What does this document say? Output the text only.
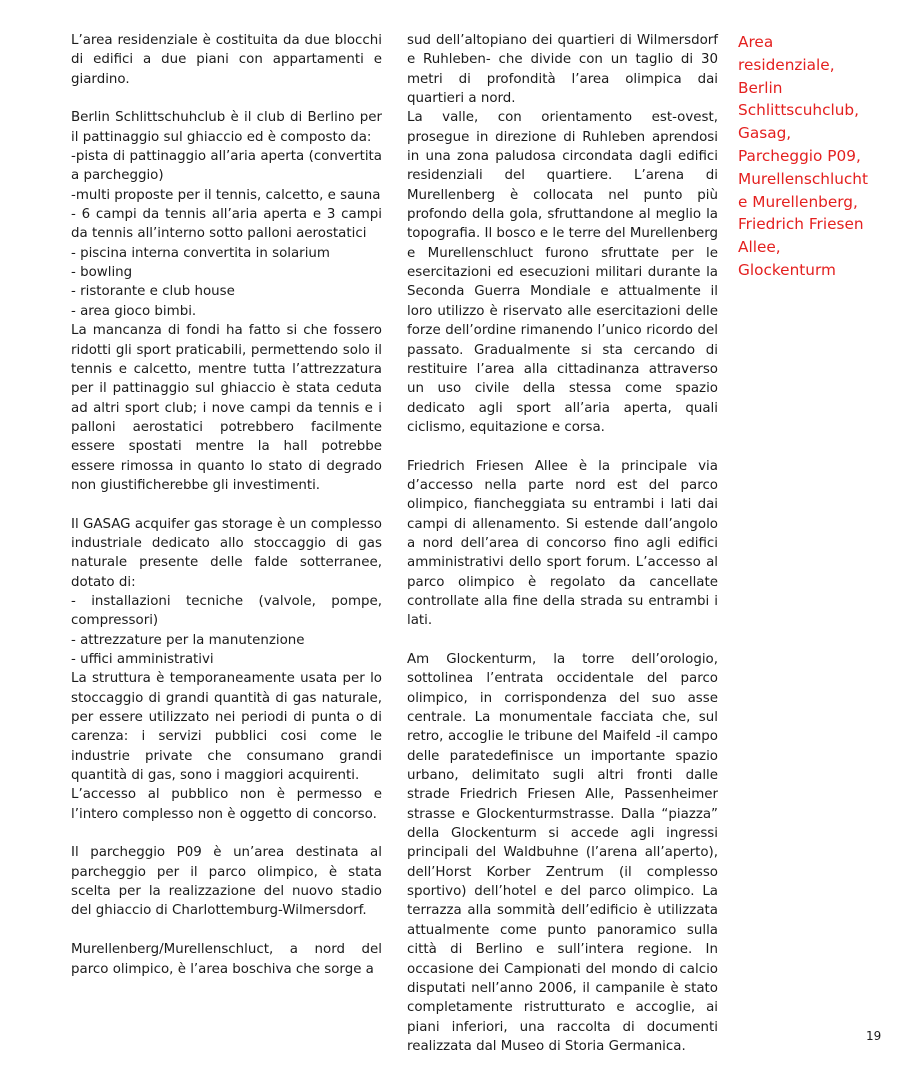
L’area residenziale è costituita da due blocchi di edifici a due piani con appartamenti e giardino.

Berlin Schlittschuhclub è il club di Berlino per il pattinaggio sul ghiaccio ed è composto da:
-pista di pattinaggio all’aria aperta (convertita a parcheggio)
-multi proposte per il tennis, calcetto, e sauna
- 6 campi da tennis all’aria aperta e 3 campi da tennis all’interno sotto palloni aerostatici
- piscina interna convertita in solarium
- bowling
- ristorante e club house
- area gioco bimbi.
La mancanza di fondi ha fatto si che fossero ridotti gli sport praticabili, permettendo solo il tennis e calcetto, mentre tutta l’attrezzatura per il pattinaggio sul ghiaccio è stata ceduta ad altri sport club; i nove campi da tennis e i palloni aerostatici potrebbero facilmente essere spostati mentre la hall potrebbe essere rimossa in quanto lo stato di degrado non giustificherebbe gli investimenti.

Il GASAG acquifer gas storage è un complesso industriale dedicato allo stoccaggio di gas naturale presente delle falde sotterranee, dotato di:
- installazioni tecniche (valvole, pompe, compressori)
- attrezzature per la manutenzione
- uffici amministrativi
La struttura è temporaneamente usata per lo stoccaggio di grandi quantità di gas naturale, per essere utilizzato nei periodi di punta o di carenza: i servizi pubblici cosi come le industrie private che consumano grandi quantità di gas, sono i maggiori acquirenti.
L’accesso al pubblico non è permesso e l’intero complesso non è oggetto di concorso.

Il parcheggio P09 è un’area destinata al parcheggio per il parco olimpico, è stata scelta per la realizzazione del nuovo stadio del ghiaccio di Charlottemburg-Wilmersdorf.

Murellenberg/Murellenschluct, a nord del parco olimpico, è l’area boschiva che sorge a

sud dell’altopiano dei quartieri di Wilmersdorf e Ruhleben- che divide con un taglio di 30 metri di profondità l’area olimpica dai quartieri a nord.
La valle, con orientamento est-ovest, prosegue in direzione di Ruhleben aprendosi in una zona paludosa circondata dagli edifici residenziali del quartiere. L’arena di Murellenberg è collocata nel punto più profondo della gola, sfruttandone al meglio la topografia. Il bosco e le terre del Murellenberg e Murellenschluct furono sfruttate per le esercitazioni ed esecuzioni militari durante la Seconda Guerra Mondiale e attualmente il loro utilizzo è riservato alle esercitazioni delle forze dell’ordine rimanendo l’unico ricordo del passato. Gradualmente si sta cercando di restituire l’area alla cittadinanza attraverso un uso civile della stessa come spazio dedicato agli sport all’aria aperta, quali ciclismo, equitazione e corsa.

Friedrich Friesen Allee è la principale via d’accesso nella parte nord est del parco olimpico, fiancheggiata su entrambi i lati dai campi di allenamento. Si estende dall’angolo a nord dell’area di concorso fino agli edifici amministrativi dello sport forum. L’accesso al parco olimpico è regolato da cancellate controllate alla fine della strada su entrambi i lati.

Am Glockenturm, la torre dell’orologio, sottolinea l’entrata occidentale del parco olimpico, in corrispondenza del suo asse centrale. La monumentale facciata che, sul retro, accoglie le tribune del Maifeld -il campo delle paratedefinisce un importante spazio urbano, delimitato sugli altri fronti dalle strade Friedrich Friesen Alle, Passenheimer strasse e Glockenturmstrasse. Dalla “piazza” della Glockenturm si accede agli ingressi principali del Waldbuhne (l’arena all’aperto), dell’Horst Korber Zentrum (il complesso sportivo) dell’hotel e del parco olimpico. La terrazza alla sommità dell’edificio è utilizzata attualmente come punto panoramico sulla città di Berlino e sull’intera regione. In occasione dei Campionati del mondo di calcio disputati nell’anno 2006, il campanile è stato completamente ristrutturato e accoglie, ai piani inferiori, una raccolta di documenti realizzata dal Museo di Storia Germanica.

Area
residenziale,
Berlin
Schlittscuhclub,
Gasag,
Parcheggio P09,
Murellenschlucht
e Murellenberg,
Friedrich Friesen
Allee,
Glockenturm
19
